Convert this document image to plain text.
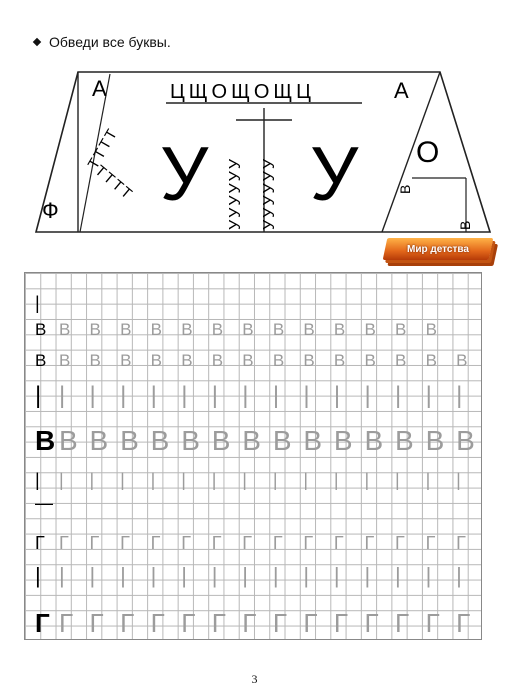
Обведи все буквы.
А
Ф
ТТТТ
ТТТТ У
ЦЩОЩОЩЦ
УУУУУУ УУУУУУ У
А
О
В
В
Мир детства
|
В В	В	В	В	В	В	В	В	В	В	В	В	В
В В	В	В	В	В	В	В	В	В	В	В	В	В	В
| |	|	|	|	|	|	|	|	|	|	|	|	|	|
В В В В В В В В В В В В В В В
|	|	|	|	|	|	|	|	|	|	|	|	|	|	|
—
Г Г	Г	Г	Г	Г	Г	Г	Г	Г	Г	Г	Г	Г	Г
| |	|	|	|	|	|	|	|	|	|	|	|	|	|
Г Г Г Г Г Г Г Г Г Г Г Г Г Г Г
3
